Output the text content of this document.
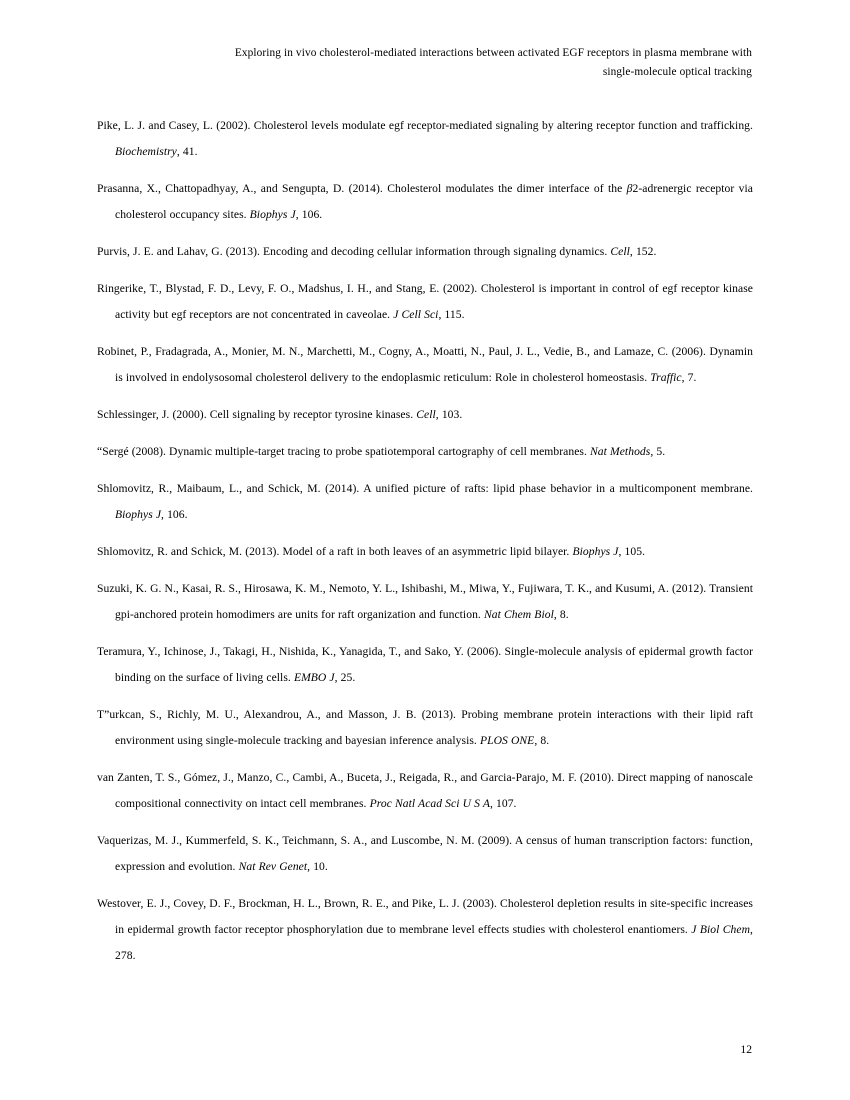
Exploring in vivo cholesterol-mediated interactions between activated EGF receptors in plasma membrane with
single-molecule optical tracking

Pike, L. J. and Casey, L. (2002). Cholesterol levels modulate egf receptor-mediated signaling by altering receptor function and trafficking. Biochemistry, 41.

Prasanna, X., Chattopadhyay, A., and Sengupta, D. (2014). Cholesterol modulates the dimer interface of the β2-adrenergic receptor via cholesterol occupancy sites. Biophys J, 106.

Purvis, J. E. and Lahav, G. (2013). Encoding and decoding cellular information through signaling dynamics. Cell, 152.

Ringerike, T., Blystad, F. D., Levy, F. O., Madshus, I. H., and Stang, E. (2002). Cholesterol is important in control of egf receptor kinase activity but egf receptors are not concentrated in caveolae. J Cell Sci, 115.

Robinet, P., Fradagrada, A., Monier, M. N., Marchetti, M., Cogny, A., Moatti, N., Paul, J. L., Vedie, B., and Lamaze, C. (2006). Dynamin is involved in endolysosomal cholesterol delivery to the endoplasmic reticulum: Role in cholesterol homeostasis. Traffic, 7.

Schlessinger, J. (2000). Cell signaling by receptor tyrosine kinases. Cell, 103.

“Sergé (2008). Dynamic multiple-target tracing to probe spatiotemporal cartography of cell membranes. Nat Methods, 5.

Shlomovitz, R., Maibaum, L., and Schick, M. (2014). A unified picture of rafts: lipid phase behavior in a multicomponent membrane. Biophys J, 106.

Shlomovitz, R. and Schick, M. (2013). Model of a raft in both leaves of an asymmetric lipid bilayer. Biophys J, 105.

Suzuki, K. G. N., Kasai, R. S., Hirosawa, K. M., Nemoto, Y. L., Ishibashi, M., Miwa, Y., Fujiwara, T. K., and Kusumi, A. (2012). Transient gpi-anchored protein homodimers are units for raft organization and function. Nat Chem Biol, 8.

Teramura, Y., Ichinose, J., Takagi, H., Nishida, K., Yanagida, T., and Sako, Y. (2006). Single-molecule analysis of epidermal growth factor binding on the surface of living cells. EMBO J, 25.

T”urkcan, S., Richly, M. U., Alexandrou, A., and Masson, J. B. (2013). Probing membrane protein interactions with their lipid raft environment using single-molecule tracking and bayesian inference analysis. PLOS ONE, 8.

van Zanten, T. S., Gómez, J., Manzo, C., Cambi, A., Buceta, J., Reigada, R., and Garcia-Parajo, M. F. (2010). Direct mapping of nanoscale compositional connectivity on intact cell membranes. Proc Natl Acad Sci U S A, 107.

Vaquerizas, M. J., Kummerfeld, S. K., Teichmann, S. A., and Luscombe, N. M. (2009). A census of human transcription factors: function, expression and evolution. Nat Rev Genet, 10.

Westover, E. J., Covey, D. F., Brockman, H. L., Brown, R. E., and Pike, L. J. (2003). Cholesterol depletion results in site-specific increases in epidermal growth factor receptor phosphorylation due to membrane level effects studies with cholesterol enantiomers. J Biol Chem, 278.

12
